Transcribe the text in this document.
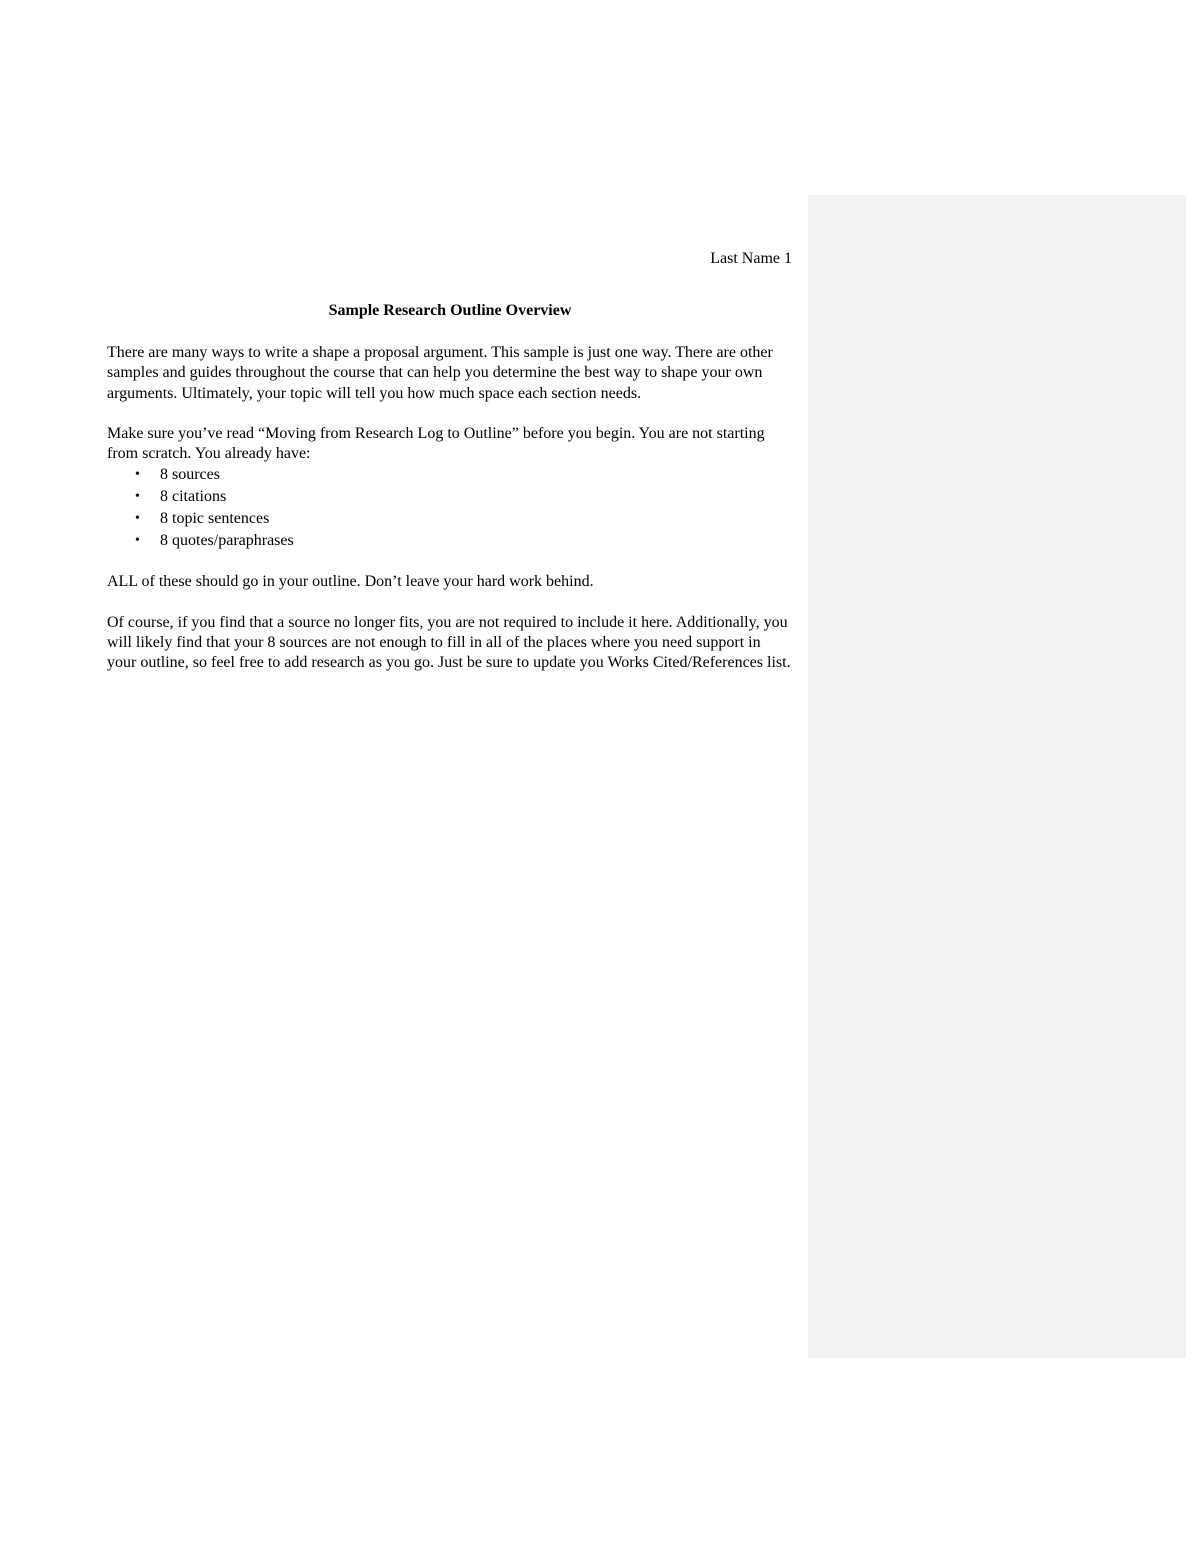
Last Name 1
Sample Research Outline Overview

There are many ways to write a shape a proposal argument. This sample is just one way. There are other samples and guides throughout the course that can help you determine the best way to shape your own arguments. Ultimately, your topic will tell you how much space each section needs.

Make sure you’ve read “Moving from Research Log to Outline” before you begin. You are not starting from scratch. You already have:

• 8 sources
• 8 citations
• 8 topic sentences
• 8 quotes/paraphrases

ALL of these should go in your outline. Don’t leave your hard work behind.

Of course, if you find that a source no longer fits, you are not required to include it here. Additionally, you will likely find that your 8 sources are not enough to fill in all of the places where you need support in your outline, so feel free to add research as you go. Just be sure to update you Works Cited/References list.
